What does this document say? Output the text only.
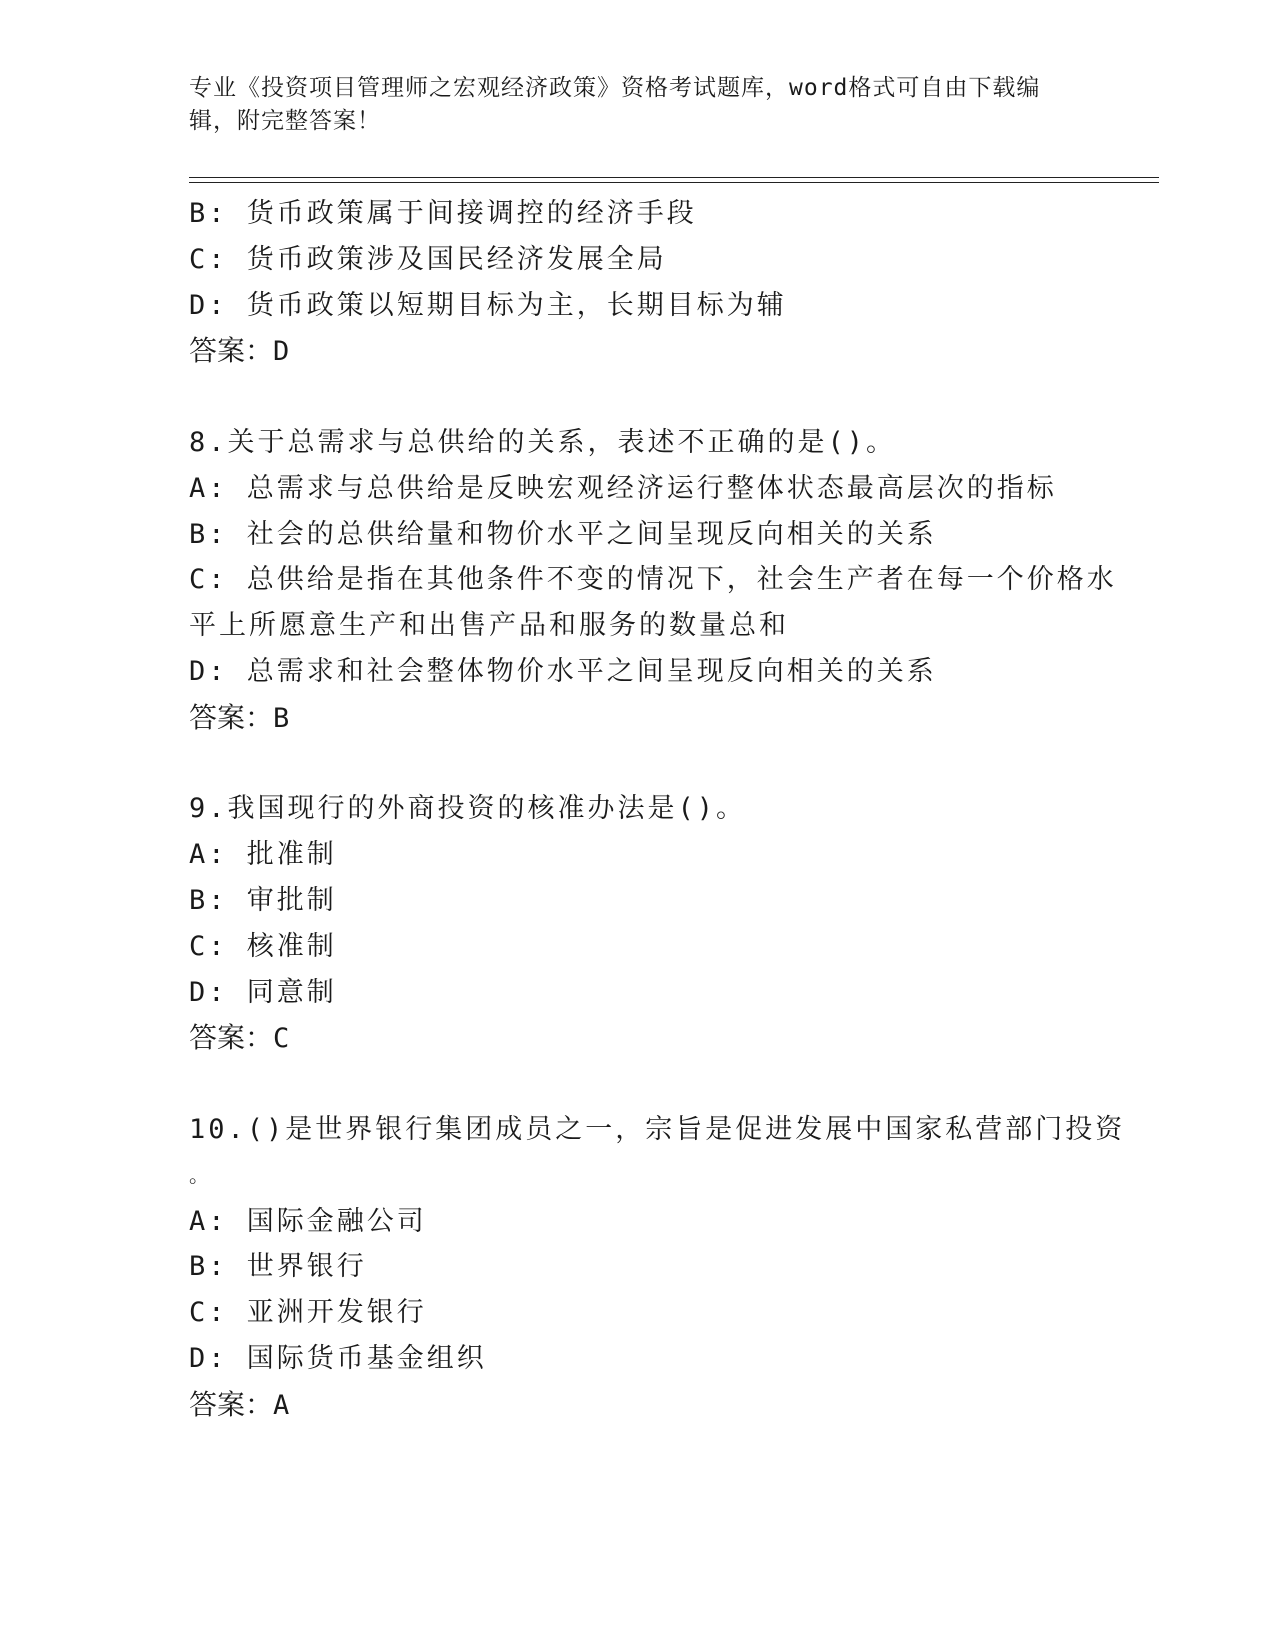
专业《投资项目管理师之宏观经济政策》资格考试题库，word格式可自由下载编
辑，附完整答案！
B: 货币政策属于间接调控的经济手段
C: 货币政策涉及国民经济发展全局
D: 货币政策以短期目标为主，长期目标为辅
答案：D
8.关于总需求与总供给的关系，表述不正确的是()。
A: 总需求与总供给是反映宏观经济运行整体状态最高层次的指标
B: 社会的总供给量和物价水平之间呈现反向相关的关系
C: 总供给是指在其他条件不变的情况下，社会生产者在每一个价格水
平上所愿意生产和出售产品和服务的数量总和
D: 总需求和社会整体物价水平之间呈现反向相关的关系
答案：B
9.我国现行的外商投资的核准办法是()。
A: 批准制
B: 审批制
C: 核准制
D: 同意制
答案：C
10.()是世界银行集团成员之一，宗旨是促进发展中国家私营部门投资
。
A: 国际金融公司
B: 世界银行
C: 亚洲开发银行
D: 国际货币基金组织
答案：A
